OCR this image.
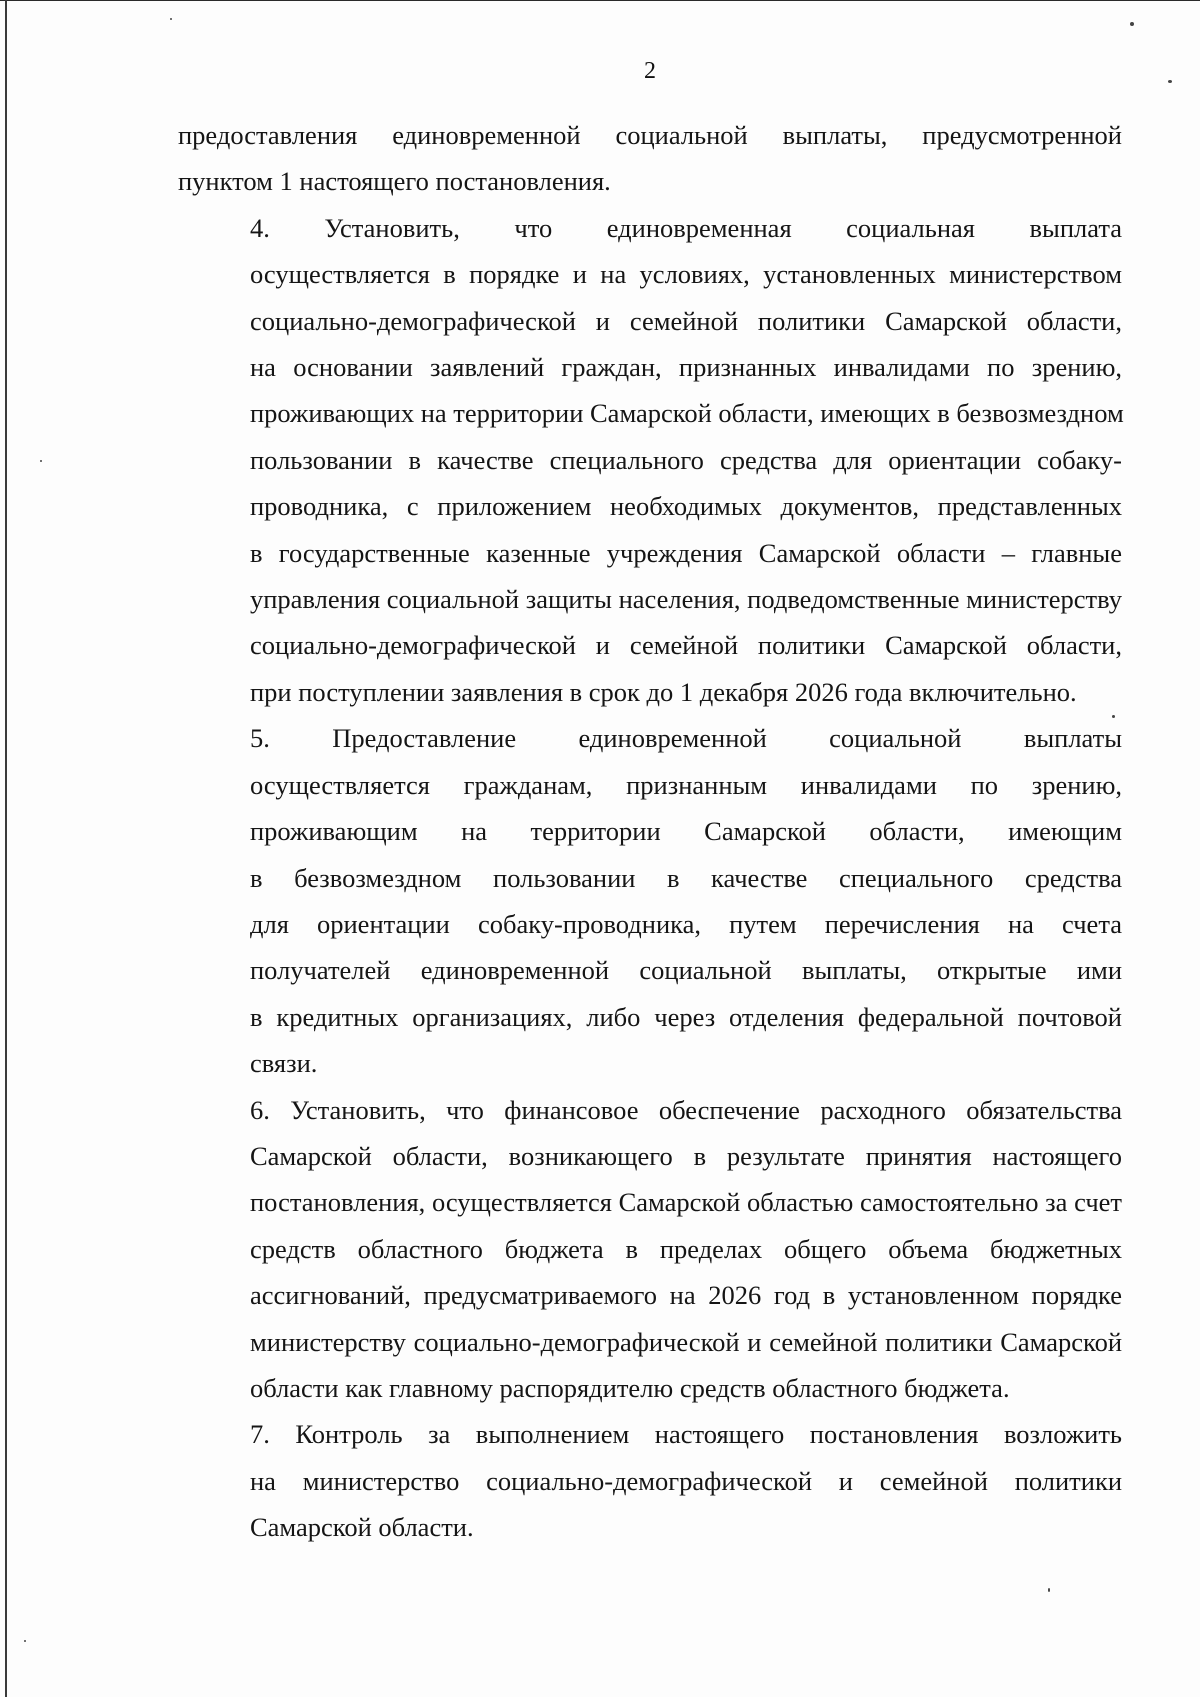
2
предоставления единовременной социальной выплаты, предусмотренной
пунктом 1 настоящего постановления.
4. Установить, что единовременная социальная выплата
осуществляется в порядке и на условиях, установленных министерством
социально-демографической и семейной политики Самарской области,
на основании заявлений граждан, признанных инвалидами по зрению,
проживающих на территории Самарской области, имеющих в безвозмездном
пользовании в качестве специального средства для ориентации собаку-
проводника, с приложением необходимых документов, представленных
в государственные казенные учреждения Самарской области – главные
управления социальной защиты населения, подведомственные министерству
социально-демографической и семейной политики Самарской области,
при поступлении заявления в срок до 1 декабря 2026 года включительно.
5. Предоставление единовременной социальной выплаты
осуществляется гражданам, признанным инвалидами по зрению,
проживающим на территории Самарской области, имеющим
в безвозмездном пользовании в качестве специального средства
для ориентации собаку-проводника, путем перечисления на счета
получателей единовременной социальной выплаты, открытые ими
в кредитных организациях, либо через отделения федеральной почтовой
связи.
6. Установить, что финансовое обеспечение расходного обязательства
Самарской области, возникающего в результате принятия настоящего
постановления, осуществляется Самарской областью самостоятельно за счет
средств областного бюджета в пределах общего объема бюджетных
ассигнований, предусматриваемого на 2026 год в установленном порядке
министерству социально-демографической и семейной политики Самарской
области как главному распорядителю средств областного бюджета.
7. Контроль за выполнением настоящего постановления возложить
на министерство социально-демографической и семейной политики
Самарской области.
